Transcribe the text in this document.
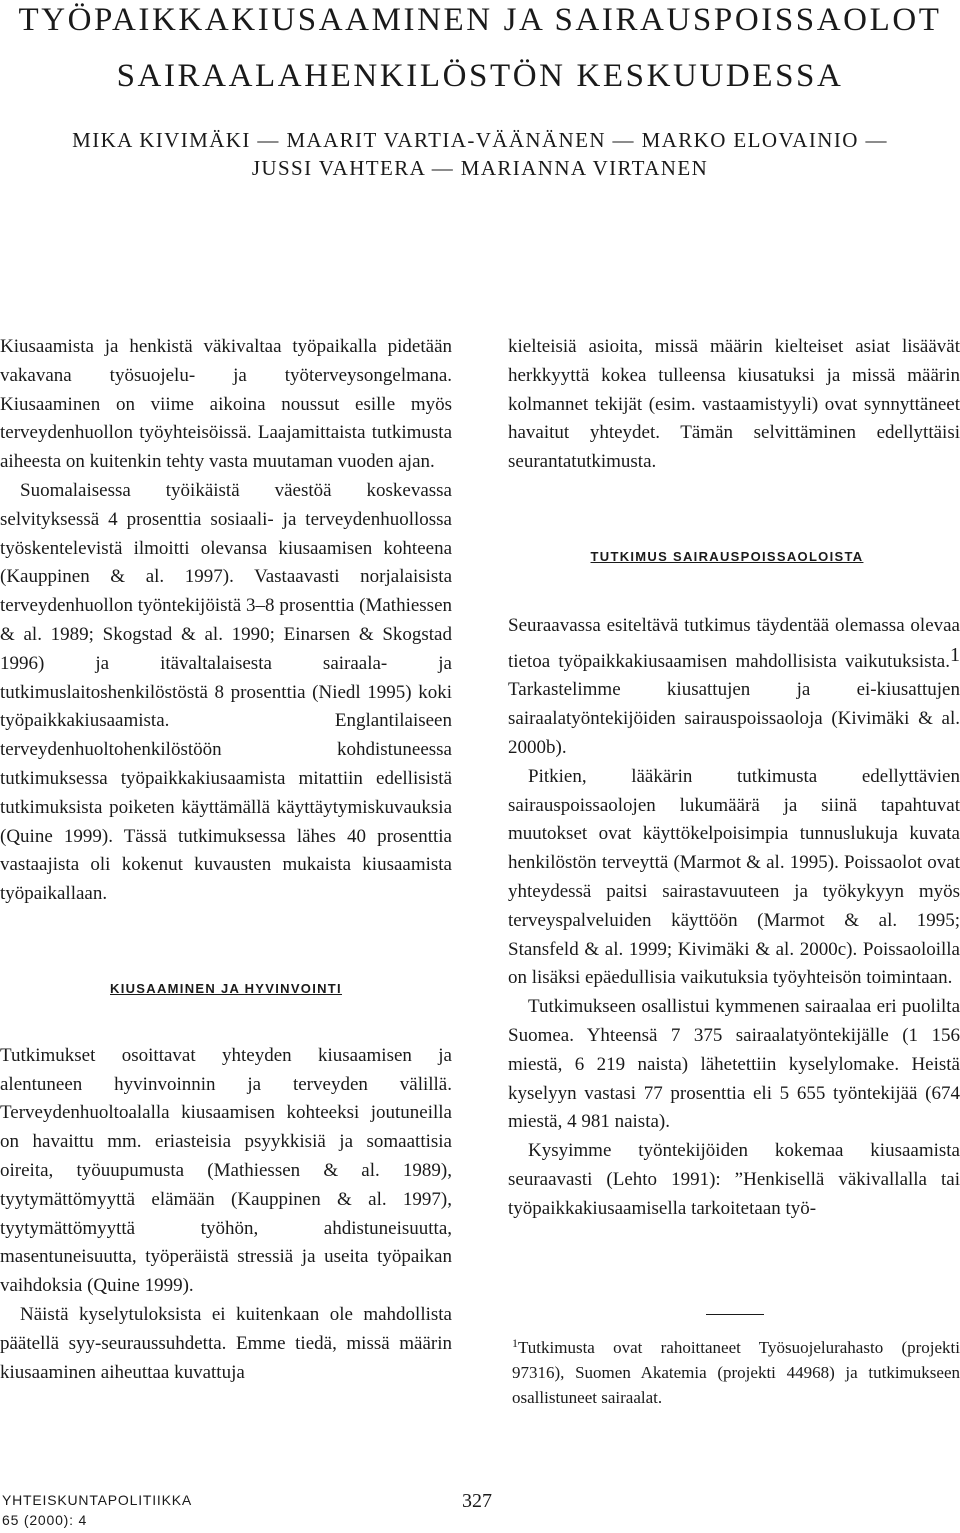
TYÖPAIKKAKIUSAAMINEN JA SAIRAUSPOISSAOLOT
SAIRAALAHENKILÖSTÖN KESKUUDESSA
MIKA KIVIMÄKI — MAARIT VARTIA-VÄÄNÄNEN — MARKO ELOVAINIO —
JUSSI VAHTERA — MARIANNA VIRTANEN

Kiusaamista ja henkistä väkivaltaa työpaikalla pidetään vakavana työsuojelu- ja työterveysongelmana. Kiusaaminen on viime aikoina noussut esille myös terveydenhuollon työyhteisöissä. Laajamittaista tutkimusta aiheesta on kuitenkin tehty vasta muutaman vuoden ajan.

Suomalaisessa työikäistä väestöä koskevassa selvityksessä 4 prosenttia sosiaali- ja terveydenhuollossa työskentelevistä ilmoitti olevansa kiusaamisen kohteena (Kauppinen & al. 1997). Vastaavasti norjalaisista terveydenhuollon työntekijöistä 3–8 prosenttia (Mathiessen & al. 1989; Skogstad & al. 1990; Einarsen & Skogstad 1996) ja itävaltalaisesta sairaala- ja tutkimuslaitoshenkilöstöstä 8 prosenttia (Niedl 1995) koki työpaikkakiusaamista. Englantilaiseen terveydenhuoltohenkilöstöön kohdistuneessa tutkimuksessa työpaikkakiusaamista mitattiin edellisistä tutkimuksista poiketen käyttämällä käyttäytymiskuvauksia (Quine 1999). Tässä tutkimuksessa lähes 40 prosenttia vastaajista oli kokenut kuvausten mukaista kiusaamista työpaikallaan.

KIUSAAMINEN JA HYVINVOINTI

Tutkimukset osoittavat yhteyden kiusaamisen ja alentuneen hyvinvoinnin ja terveyden välillä. Terveydenhuoltoalalla kiusaamisen kohteeksi joutuneilla on havaittu mm. eriasteisia psyykkisiä ja somaattisia oireita, työuupumusta (Mathiessen & al. 1989), tyytymättömyyttä elämään (Kauppinen & al. 1997), tyytymättömyyttä työhön, ahdistuneisuutta, masentuneisuutta, työperäistä stressiä ja useita työpaikan vaihdoksia (Quine 1999).

Näistä kyselytuloksista ei kuitenkaan ole mahdollista päätellä syy-seuraussuhdetta. Emme tiedä, missä määrin kiusaaminen aiheuttaa kuvattuja

kielteisiä asioita, missä määrin kielteiset asiat lisäävät herkkyyttä kokea tulleensa kiusatuksi ja missä määrin kolmannet tekijät (esim. vastaamistyyli) ovat synnyttäneet havaitut yhteydet. Tämän selvittäminen edellyttäisi seurantatutkimusta.

TUTKIMUS SAIRAUSPOISSAOLOISTA

Seuraavassa esiteltävä tutkimus täydentää olemassa olevaa tietoa työpaikkakiusaamisen mahdollisista vaikutuksista.1 Tarkastelimme kiusattujen ja ei-kiusattujen sairaalatyöntekijöiden sairauspoissaoloja (Kivimäki & al. 2000b).

Pitkien, lääkärin tutkimusta edellyttävien sairauspoissaolojen lukumäärä ja siinä tapahtuvat muutokset ovat käyttökelpoisimpia tunnuslukuja kuvata henkilöstön terveyttä (Marmot & al. 1995). Poissaolot ovat yhteydessä paitsi sairastavuuteen ja työkykyyn myös terveyspalveluiden käyttöön (Marmot & al. 1995; Stansfeld & al. 1999; Kivimäki & al. 2000c). Poissaoloilla on lisäksi epäedullisia vaikutuksia työyhteisön toimintaan.

Tutkimukseen osallistui kymmenen sairaalaa eri puolilta Suomea. Yhteensä 7 375 sairaalatyöntekijälle (1 156 miestä, 6 219 naista) lähetettiin kyselylomake. Heistä kyselyyn vastasi 77 prosenttia eli 5 655 työntekijää (674 miestä, 4 981 naista).

Kysyimme työntekijöiden kokemaa kiusaamista seuraavasti (Lehto 1991): ”Henkisellä väkivallalla tai työpaikkakiusaamisella tarkoitetaan työ-

$^1$Tutkimusta ovat rahoittaneet Työsuojelurahasto (projekti 97316), Suomen Akatemia (projekti 44968) ja tutkimukseen osallistuneet sairaalat.

YHTEISKUNTAPOLITIIKKA
65 (2000): 4
327
